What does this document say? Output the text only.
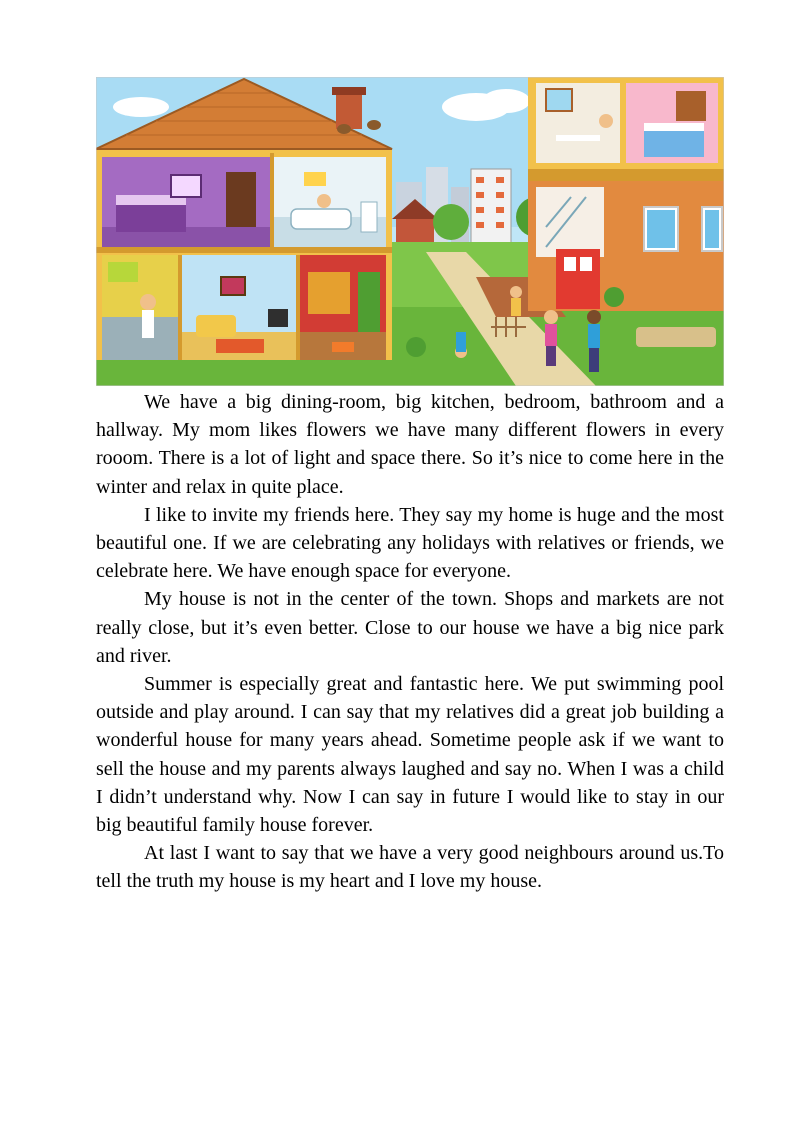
We have a big dining-room, big kitchen, bedroom, bathroom and a hallway. My mom likes flowers we have many different flowers in every rooom. There is a lot of light and space there. So it’s nice to come here in the winter and relax in quite place.

I like to invite my friends here. They say my home is huge and the most beautiful one. If we are celebrating any holidays with relatives or friends, we celebrate here. We have enough space for everyone.

My house is not in the center of the town. Shops and markets are not really close, but it’s even better. Close to our house we have a big nice park and river.

Summer is especially great and fantastic here. We put swimming pool outside and play around. I can say that my relatives did a great job building a wonderful house for many years ahead. Sometime people ask if we want to sell the house and my parents always laughed and say no. When I was a child I didn’t understand why. Now I can say in future I would like to stay in our big beautiful family house forever.

At last I want to say that we have a very good neighbours around us.To tell the truth my house is my heart and I love my house.
